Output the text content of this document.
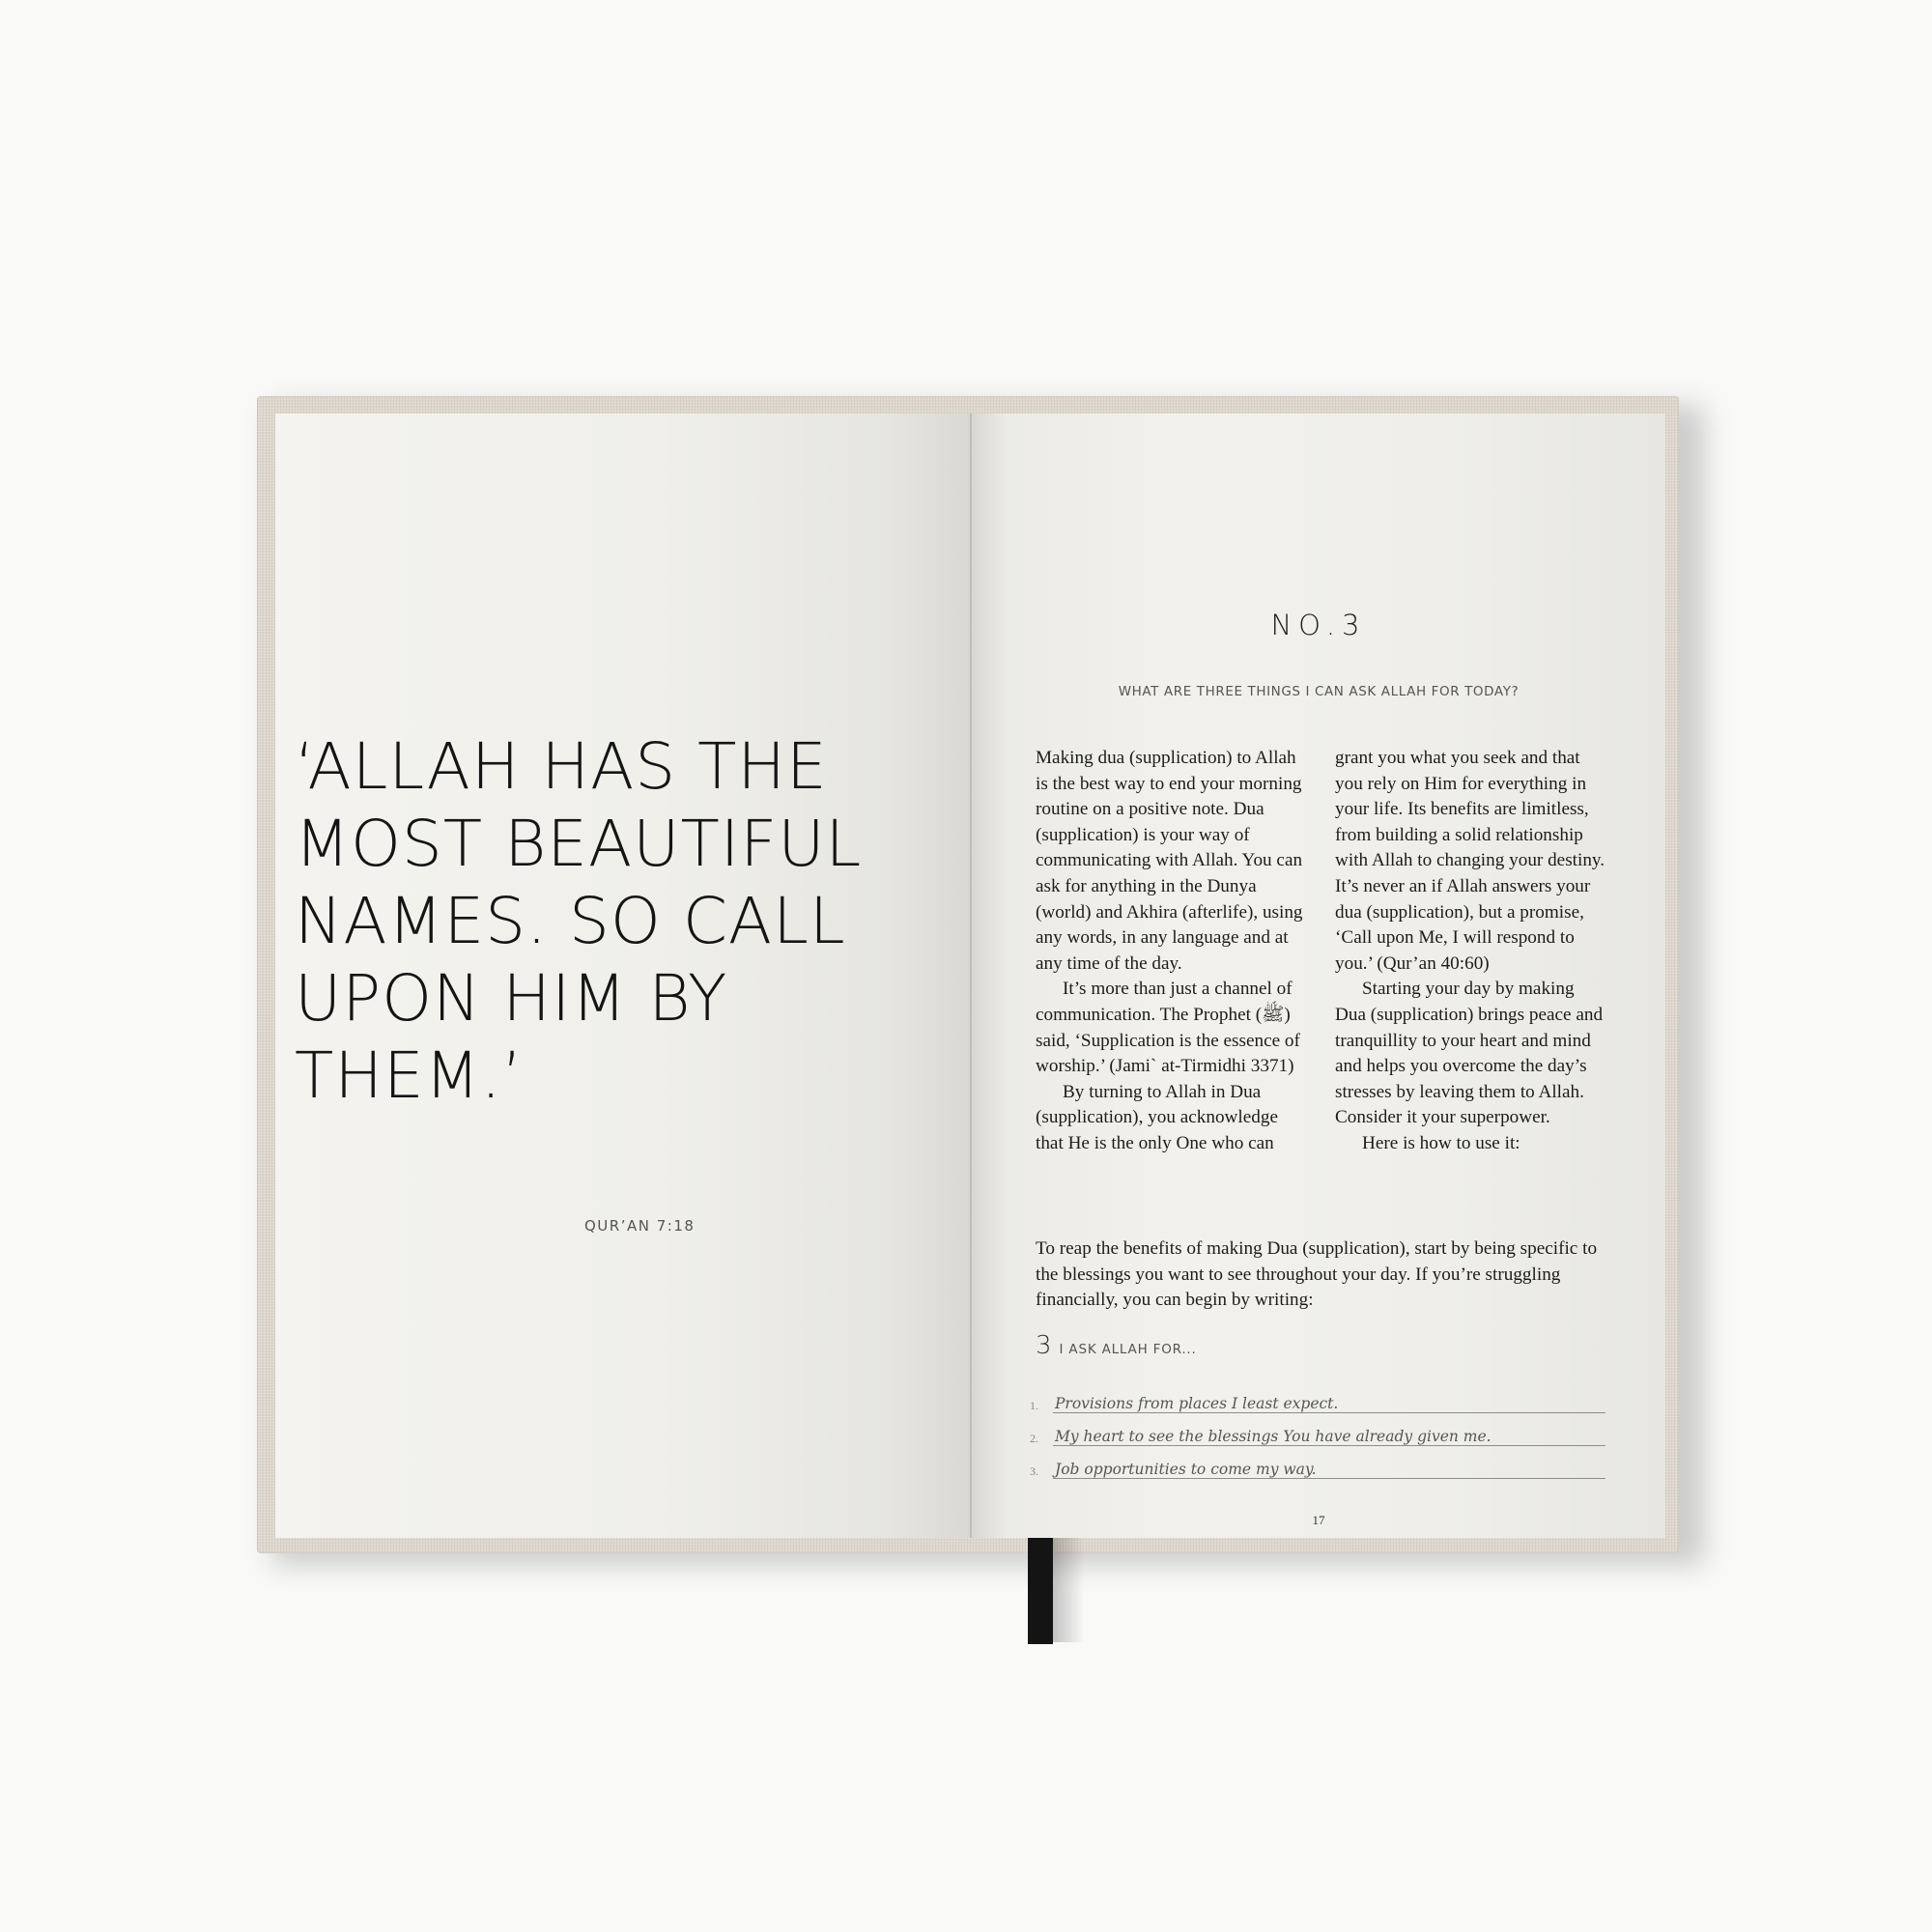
‘ALLAH HAS THE MOST BEAUTIFUL NAMES. SO CALL UPON HIM BY THEM.’
QUR’AN 7:18
NO.3
WHAT ARE THREE THINGS I CAN ASK ALLAH FOR TODAY?

Making dua (supplication) to Allah is the best way to end your morning routine on a positive note. Dua (supplication) is your way of communicating with Allah. You can ask for anything in the Dunya (world) and Akhira (afterlife), using any words, in any language and at any time of the day.

It’s more than just a channel of communication. The Prophet (ﷺ) said, ‘Supplication is the essence of worship.’ (Jami` at-Tirmidhi 3371)

By turning to Allah in Dua (supplication), you acknowledge that He is the only One who can grant you what you seek and that you rely on Him for everything in your life. Its benefits are limitless, from building a solid relationship with Allah to changing your destiny. It’s never an if Allah answers your dua (supplication), but a promise, ‘Call upon Me, I will respond to you.’ (Qur’an 40:60)

Starting your day by making Dua (supplication) brings peace and tranquillity to your heart and mind and helps you overcome the day’s stresses by leaving them to Allah. Consider it your superpower.

Here is how to use it:

To reap the benefits of making Dua (supplication), start by being specific to the blessings you want to see throughout your day. If you’re struggling financially, you can begin by writing:

3 I ASK ALLAH FOR...
1. Provisions from places I least expect.
2. My heart to see the blessings You have already given me.
3. Job opportunities to come my way.
17
